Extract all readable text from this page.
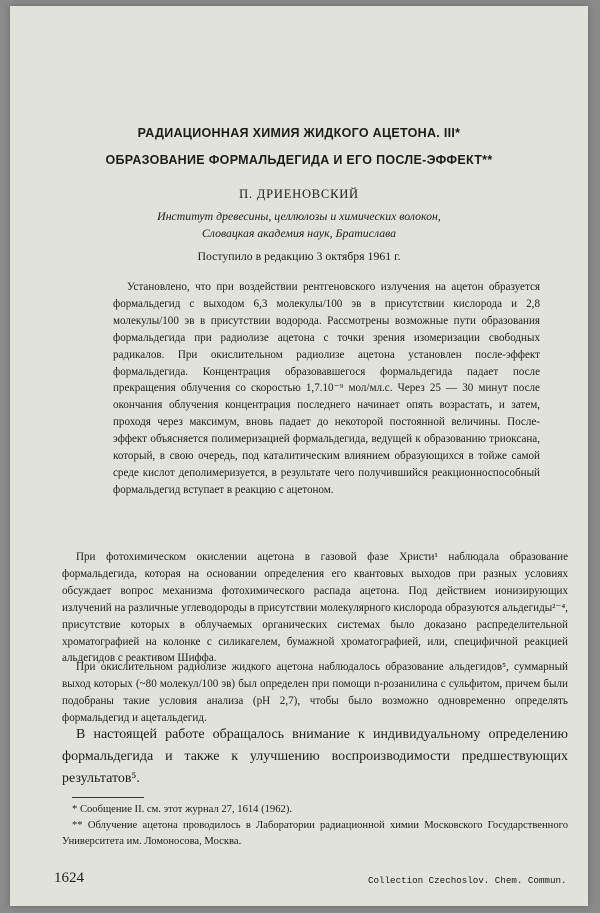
РАДИАЦИОННАЯ ХИМИЯ ЖИДКОГО АЦЕТОНА. III*
ОБРАЗОВАНИЕ ФОРМАЛЬДЕГИДА И ЕГО ПОСЛЕ-ЭФФЕКТ**
П. ДРИЕНОВСКИЙ
Институт древесины, целлюлозы и химических волокон,
Словацкая академия наук, Братислава
Поступило в редакцию 3 октября 1961 г.

Установлено, что при воздействии рентгеновского излучения на ацетон образуется формальдегид с выходом 6,3 молекулы/100 эв в присутствии кислорода и 2,8 молекулы/100 эв в присутствии водорода. Рассмотрены возможные пути образования формальдегида при радиолизе ацетона с точки зрения изомеризации свободных радикалов. При окислительном радиолизе ацетона установлен после-эффект формальдегида. Концентрация образовавшегося формальдегида падает после прекращения облучения со скоростью 1,7.10⁻⁹ мол/мл.с. Через 25 — 30 минут после окончания облучения концентрация последнего начинает опять возрастать, и затем, проходя через максимум, вновь падает до некоторой постоянной величины. После-эффект объясняется полимеризацией формальдегида, ведущей к образованию триоксана, который, в свою очередь, под каталитическим влиянием образующихся в тойже самой среде кислот деполимеризуется, в результате чего получившийся реакционноспособный формальдегид вступает в реакцию с ацетоном.

При фотохимическом окислении ацетона в газовой фазе Христи¹ наблюдала образование формальдегида, которая на основании определения его квантовых выходов при разных условиях обсуждает вопрос механизма фотохимического распада ацетона. Под действием ионизирующих излучений на различные углеводороды в присутствии молекулярного кислорода образуются альдегиды²⁻⁴, присутствие которых в облучаемых органических системах было доказано распределительной хроматографией на колонке с силикагелем, бумажной хроматографией, или, специфичной реакцией альдегидов с реактивом Шиффа.

При окислительном радиолизе жидкого ацетона наблюдалось образование альдегидов⁵, суммарный выход которых (~80 молекул/100 эв) был определен при помощи n-розанилина с сульфитом, причем были подобраны такие условия анализа (pH 2,7), чтобы было возможно одновременно определять формальдегид и ацетальдегид.

В настоящей работе обращалось внимание к индивидуальному определению формальдегида и также к улучшению воспроизводимости предшествующих результатов⁵.

* Сообщение II. см. этот журнал 27, 1614 (1962).

** Облучение ацетона проводилось в Лаборатории радиационной химии Московского Государственного Университета им. Ломоносова, Москва.

1624	Collection Czechoslov. Chem. Commun.
